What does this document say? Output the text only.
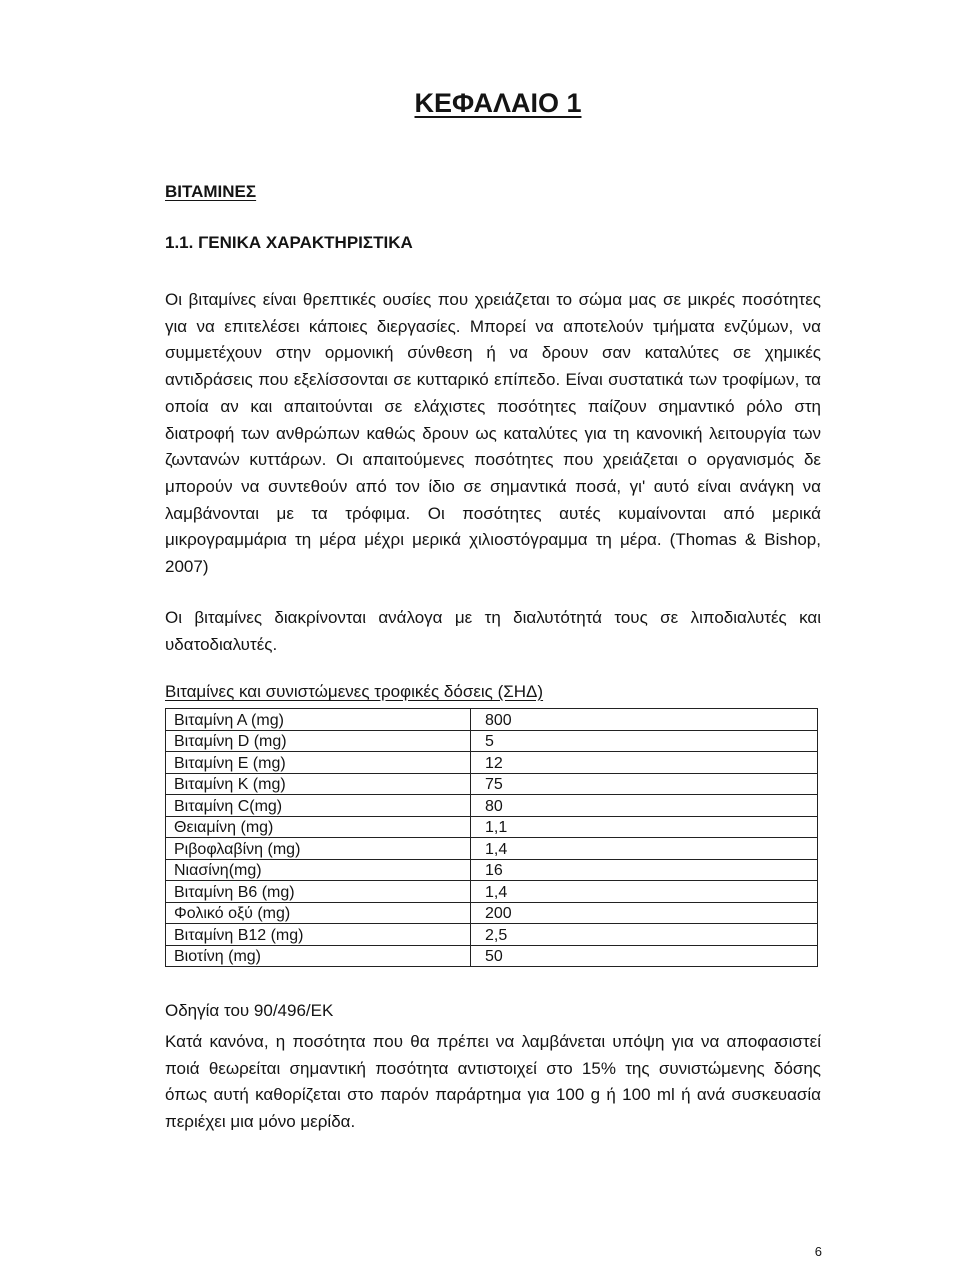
ΚΕΦΑΛΑΙΟ 1
ΒΙΤΑΜΙΝΕΣ
1.1. ΓΕΝΙΚΑ ΧΑΡΑΚΤΗΡΙΣΤΙΚΑ

Οι βιταμίνες είναι θρεπτικές ουσίες που χρειάζεται το σώμα μας σε μικρές ποσότητες για να επιτελέσει κάποιες διεργασίες. Μπορεί να αποτελούν τμήματα ενζύμων, να συμμετέχουν στην ορμονική σύνθεση ή να δρουν σαν καταλύτες σε χημικές αντιδράσεις που εξελίσσονται σε κυτταρικό επίπεδο. Είναι συστατικά των τροφίμων, τα οποία αν και απαιτούνται σε ελάχιστες ποσότητες παίζουν σημαντικό ρόλο στη διατροφή των ανθρώπων καθώς δρουν ως καταλύτες για τη κανονική λειτουργία των ζωντανών κυττάρων. Οι απαιτούμενες ποσότητες που χρειάζεται ο οργανισμός δε μπορούν να συντεθούν από τον ίδιο σε σημαντικά ποσά, γι' αυτό είναι ανάγκη να λαμβάνονται με τα τρόφιμα. Οι ποσότητες αυτές κυμαίνονται από μερικά μικρογραμμάρια τη μέρα μέχρι μερικά χιλιοστόγραμμα τη μέρα. (Thomas & Bishop, 2007)

Οι βιταμίνες διακρίνονται ανάλογα με τη διαλυτότητά τους σε λιποδιαλυτές και υδατοδιαλυτές.

Βιταμίνες και συνιστώμενες τροφικές δόσεις (ΣΗΔ)

Βιταμίνη Α (mg)	800
Βιταμίνη D (mg)	5
Βιταμίνη Ε (mg)	12
Βιταμίνη Κ (mg)	75
Βιταμίνη C(mg)	80
Θειαμίνη (mg)	1,1
Ριβοφλαβίνη (mg)	1,4
Νιασίνη(mg)	16
Βιταμίνη Β6 (mg)	1,4
Φολικό οξύ (mg)	200
Βιταμίνη Β12 (mg)	2,5
Βιοτίνη (mg)	50

Οδηγία του 90/496/ΕΚ

Κατά κανόνα, η ποσότητα που θα πρέπει να λαμβάνεται υπόψη για να αποφασιστεί ποιά θεωρείται σημαντική ποσότητα αντιστοιχεί στο 15% της συνιστώμενης δόσης όπως αυτή καθορίζεται στο παρόν παράρτημα για 100 g ή 100 ml ή ανά συσκευασία περιέχει μια μόνο μερίδα.

6
